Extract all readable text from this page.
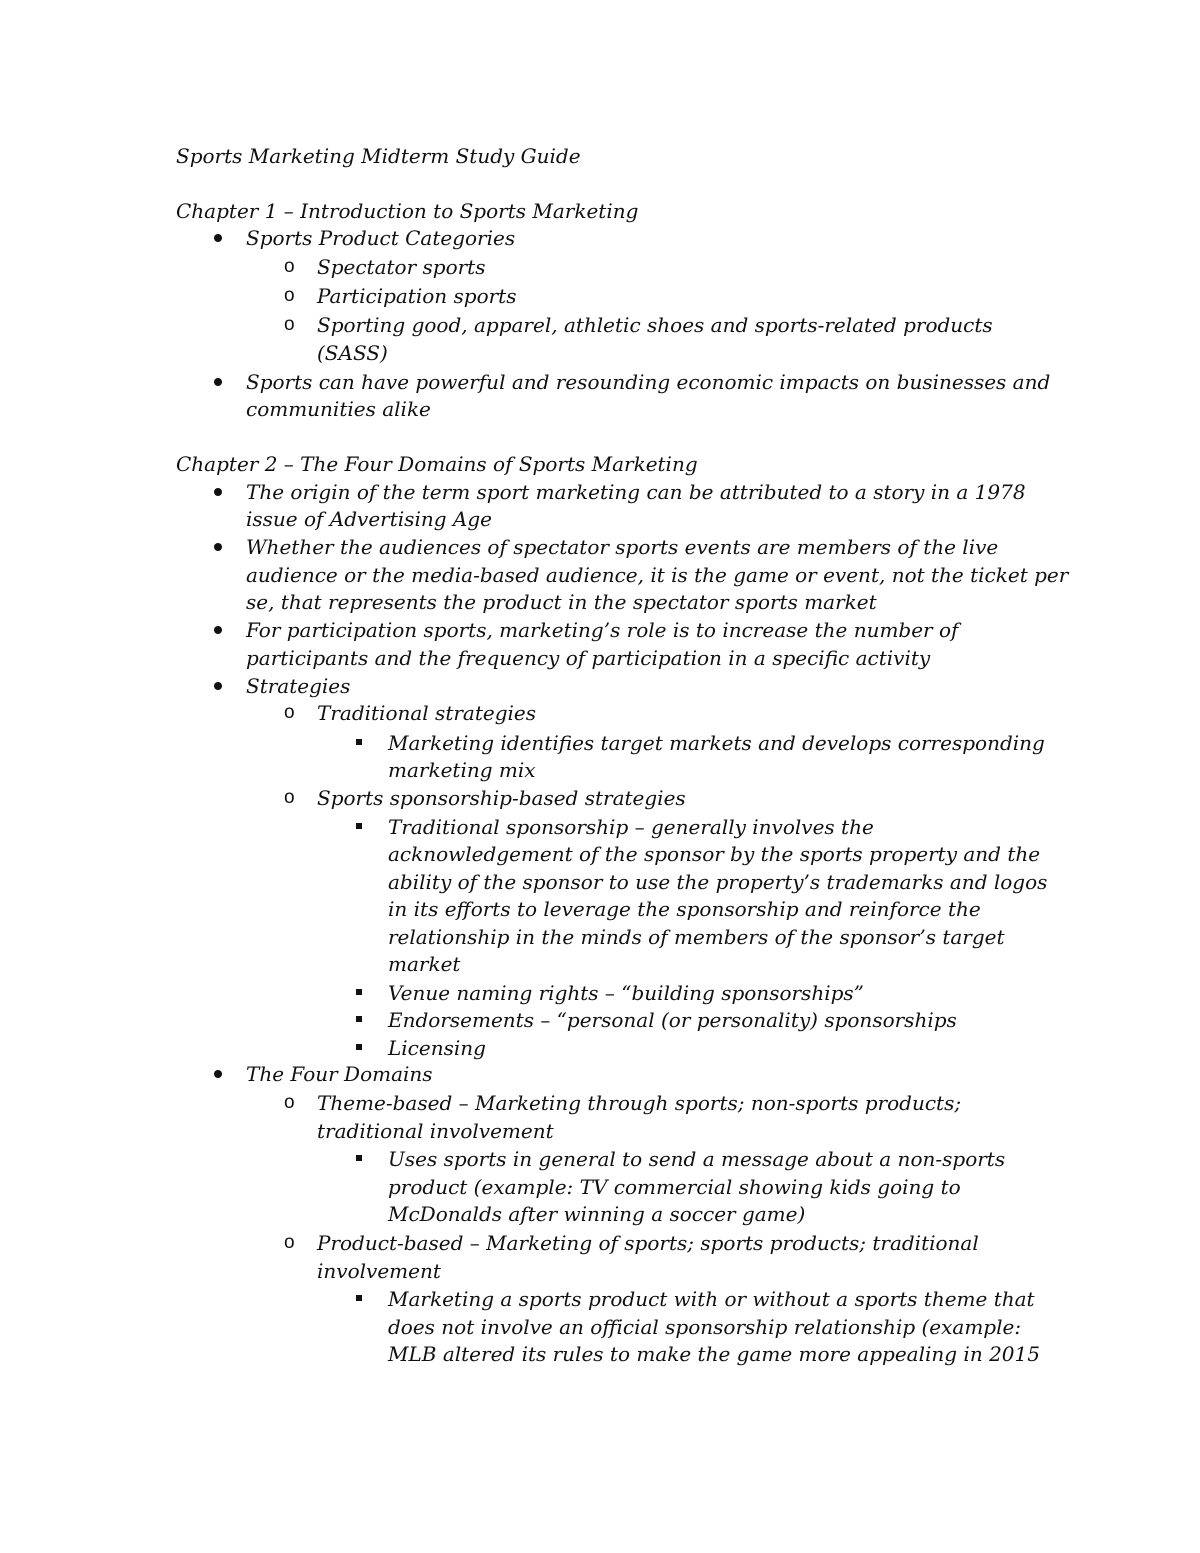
Sports Marketing Midterm Study Guide
Chapter 1 – Introduction to Sports Marketing
Sports Product Categories
o Spectator sports
o Participation sports
o Sporting good, apparel, athletic shoes and sports-related products
(SASS)
Sports can have powerful and resounding economic impacts on businesses and
communities alike
Chapter 2 – The Four Domains of Sports Marketing
The origin of the term sport marketing can be attributed to a story in a 1978
issue of Advertising Age
Whether the audiences of spectator sports events are members of the live
audience or the media-based audience, it is the game or event, not the ticket per
se, that represents the product in the spectator sports market
For participation sports, marketing’s role is to increase the number of
participants and the frequency of participation in a specific activity
Strategies
o Traditional strategies
Marketing identifies target markets and develops corresponding
marketing mix
o Sports sponsorship-based strategies
Traditional sponsorship – generally involves the
acknowledgement of the sponsor by the sports property and the
ability of the sponsor to use the property’s trademarks and logos
in its efforts to leverage the sponsorship and reinforce the
relationship in the minds of members of the sponsor’s target
market
Venue naming rights – “building sponsorships”
Endorsements – “personal (or personality) sponsorships
Licensing
The Four Domains
o Theme-based – Marketing through sports; non-sports products;
traditional involvement
Uses sports in general to send a message about a non-sports
product (example: TV commercial showing kids going to
McDonalds after winning a soccer game)
o Product-based – Marketing of sports; sports products; traditional
involvement
Marketing a sports product with or without a sports theme that
does not involve an official sponsorship relationship (example:
MLB altered its rules to make the game more appealing in 2015
